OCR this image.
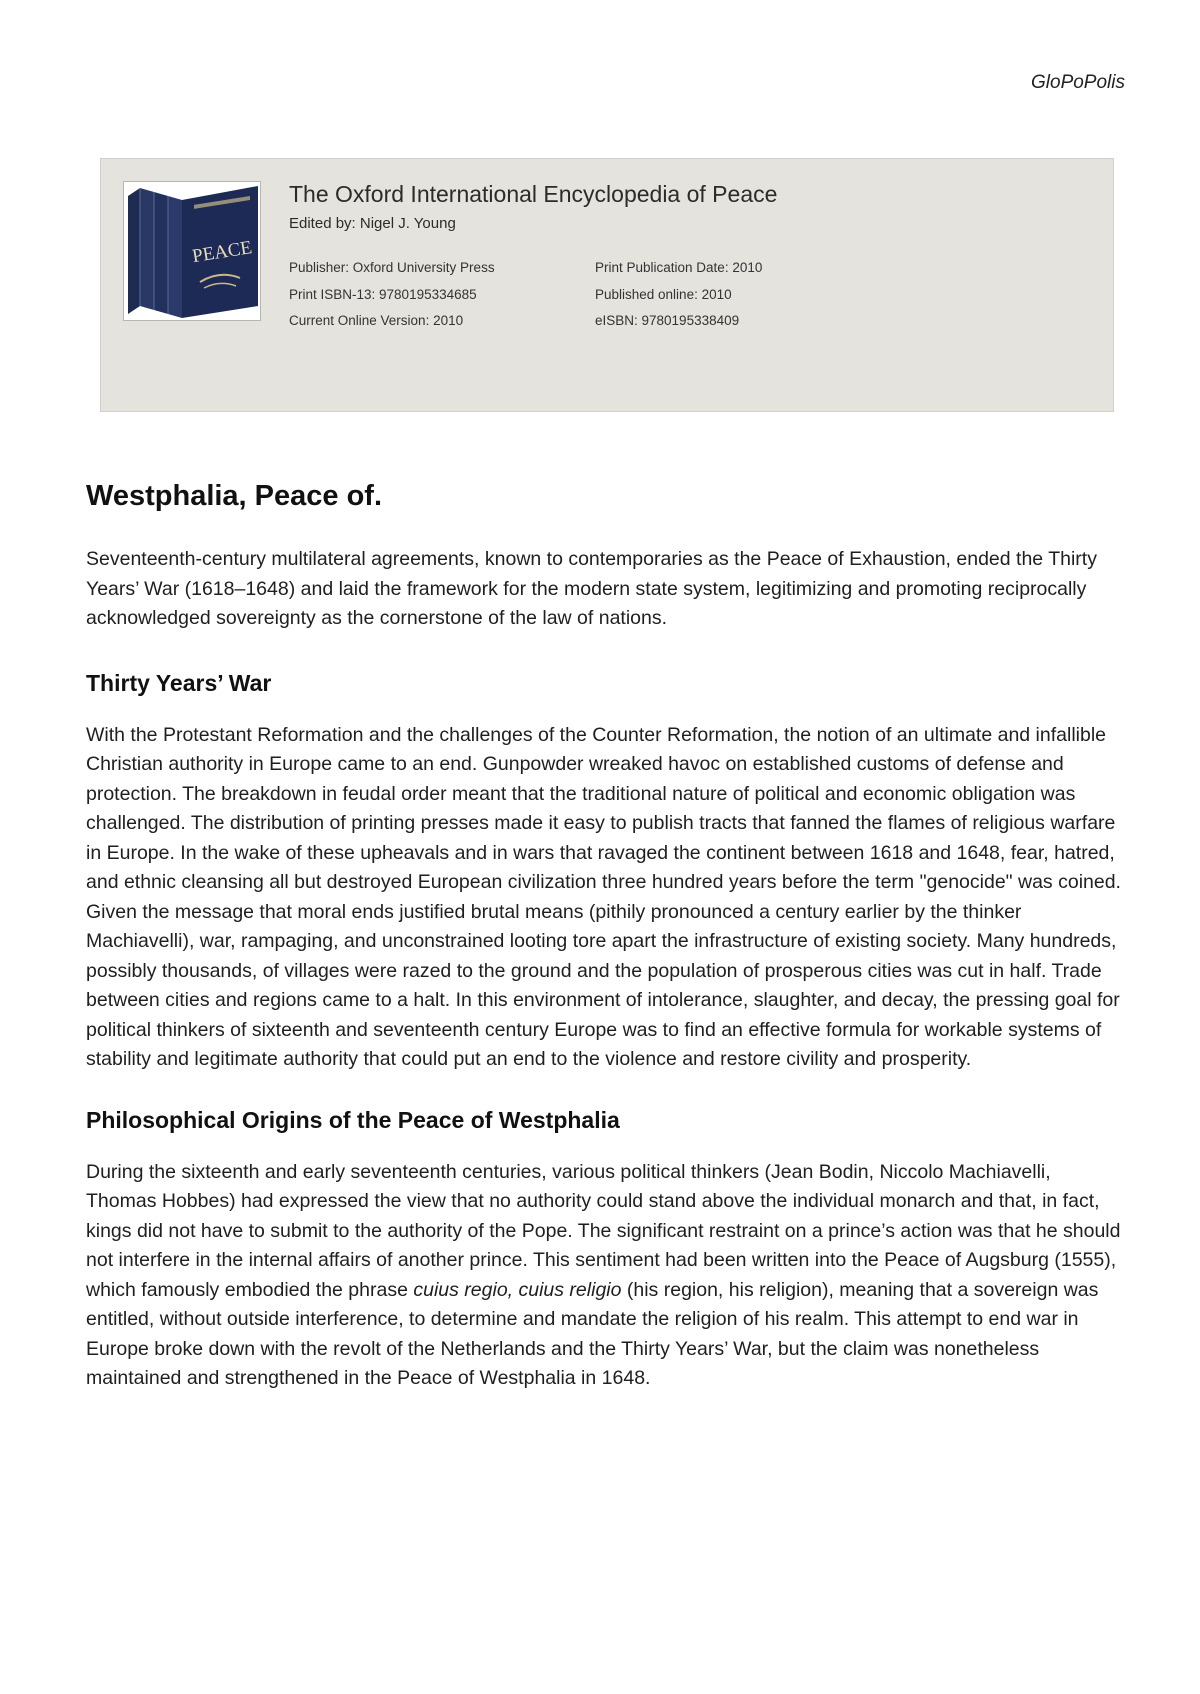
GloPoPolis
PEACE
The Oxford International Encyclopedia of Peace
Edited by: Nigel J. Young
Publisher: Oxford University Press
Print ISBN-13: 9780195334685
Current Online Version: 2010
Print Publication Date: 2010
Published online: 2010
eISBN: 9780195338409
Westphalia, Peace of.

Seventeenth-century multilateral agreements, known to contemporaries as the Peace of Exhaustion, ended the Thirty Years’ War (1618–1648) and laid the framework for the modern state system, legitimizing and promoting reciprocally acknowledged sovereignty as the cornerstone of the law of nations.

Thirty Years’ War

With the Protestant Reformation and the challenges of the Counter Reformation, the notion of an ultimate and infallible Christian authority in Europe came to an end. Gunpowder wreaked havoc on established customs of defense and protection. The breakdown in feudal order meant that the traditional nature of political and economic obligation was challenged. The distribution of printing presses made it easy to publish tracts that fanned the flames of religious warfare in Europe. In the wake of these upheavals and in wars that ravaged the continent between 1618 and 1648, fear, hatred, and ethnic cleansing all but destroyed European civilization three hundred years before the term "genocide" was coined. Given the message that moral ends justified brutal means (pithily pronounced a century earlier by the thinker Machiavelli), war, rampaging, and unconstrained looting tore apart the infrastructure of existing society. Many hundreds, possibly thousands, of villages were razed to the ground and the population of prosperous cities was cut in half. Trade between cities and regions came to a halt. In this environment of intolerance, slaughter, and decay, the pressing goal for political thinkers of sixteenth and seventeenth century Europe was to find an effective formula for workable systems of stability and legitimate authority that could put an end to the violence and restore civility and prosperity.

Philosophical Origins of the Peace of Westphalia

During the sixteenth and early seventeenth centuries, various political thinkers (Jean Bodin, Niccolo Machiavelli, Thomas Hobbes) had expressed the view that no authority could stand above the individual monarch and that, in fact, kings did not have to submit to the authority of the Pope. The significant restraint on a prince’s action was that he should not interfere in the internal affairs of another prince. This sentiment had been written into the Peace of Augsburg (1555), which famously embodied the phrase cuius regio, cuius religio (his region, his religion), meaning that a sovereign was entitled, without outside interference, to determine and mandate the religion of his realm. This attempt to end war in Europe broke down with the revolt of the Netherlands and the Thirty Years’ War, but the claim was nonetheless maintained and strengthened in the Peace of Westphalia in 1648.
